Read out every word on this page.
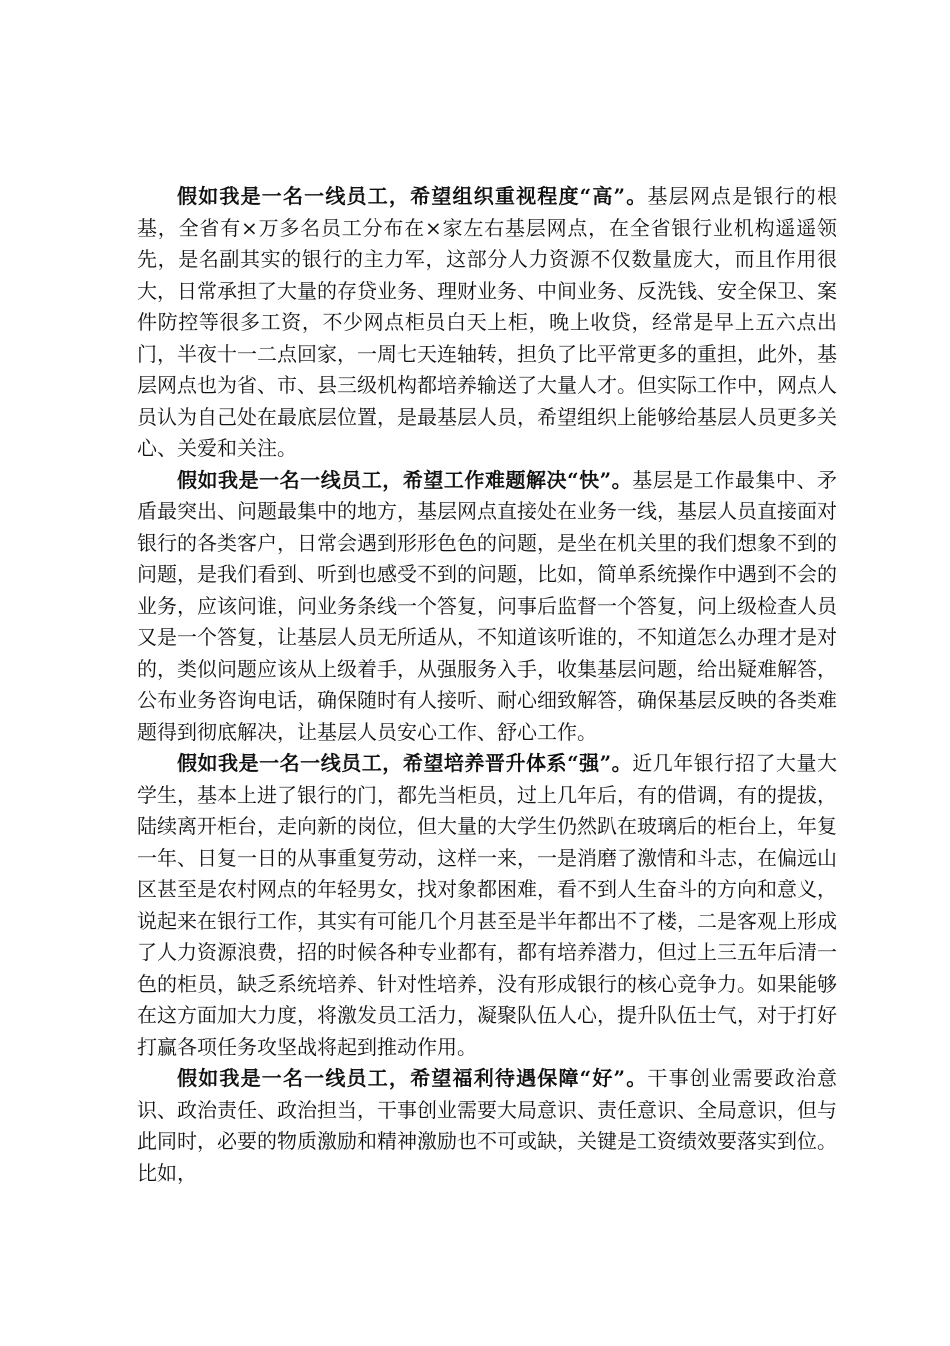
假如我是一名一线员工，希望组织重视程度“高”。基层网点是银行的根基，全省有×万多名员工分布在×家左右基层网点，在全省银行业机构遥遥领先，是名副其实的银行的主力军，这部分人力资源不仅数量庞大，而且作用很大，日常承担了大量的存贷业务、理财业务、中间业务、反洗钱、安全保卫、案件防控等很多工资，不少网点柜员白天上柜，晚上收贷，经常是早上五六点出门，半夜十一二点回家，一周七天连轴转，担负了比平常更多的重担，此外，基层网点也为省、市、县三级机构都培养输送了大量人才。但实际工作中，网点人员认为自己处在最底层位置，是最基层人员，希望组织上能够给基层人员更多关心、关爱和关注。

假如我是一名一线员工，希望工作难题解决“快”。基层是工作最集中、矛盾最突出、问题最集中的地方，基层网点直接处在业务一线，基层人员直接面对银行的各类客户，日常会遇到形形色色的问题，是坐在机关里的我们想象不到的问题，是我们看到、听到也感受不到的问题，比如，简单系统操作中遇到不会的业务，应该问谁，问业务条线一个答复，问事后监督一个答复，问上级检查人员又是一个答复，让基层人员无所适从，不知道该听谁的，不知道怎么办理才是对的，类似问题应该从上级着手，从强服务入手，收集基层问题，给出疑难解答，公布业务咨询电话，确保随时有人接听、耐心细致解答，确保基层反映的各类难题得到彻底解决，让基层人员安心工作、舒心工作。

假如我是一名一线员工，希望培养晋升体系“强”。近几年银行招了大量大学生，基本上进了银行的门，都先当柜员，过上几年后，有的借调，有的提拔，陆续离开柜台，走向新的岗位，但大量的大学生仍然趴在玻璃后的柜台上，年复一年、日复一日的从事重复劳动，这样一来，一是消磨了激情和斗志，在偏远山区甚至是农村网点的年轻男女，找对象都困难，看不到人生奋斗的方向和意义，说起来在银行工作，其实有可能几个月甚至是半年都出不了楼，二是客观上形成了人力资源浪费，招的时候各种专业都有，都有培养潜力，但过上三五年后清一色的柜员，缺乏系统培养、针对性培养，没有形成银行的核心竞争力。如果能够在这方面加大力度，将激发员工活力，凝聚队伍人心，提升队伍士气，对于打好打赢各项任务攻坚战将起到推动作用。

假如我是一名一线员工，希望福利待遇保障“好”。干事创业需要政治意识、政治责任、政治担当，干事创业需要大局意识、责任意识、全局意识，但与此同时，必要的物质激励和精神激励也不可或缺，关键是工资绩效要落实到位。比如，
